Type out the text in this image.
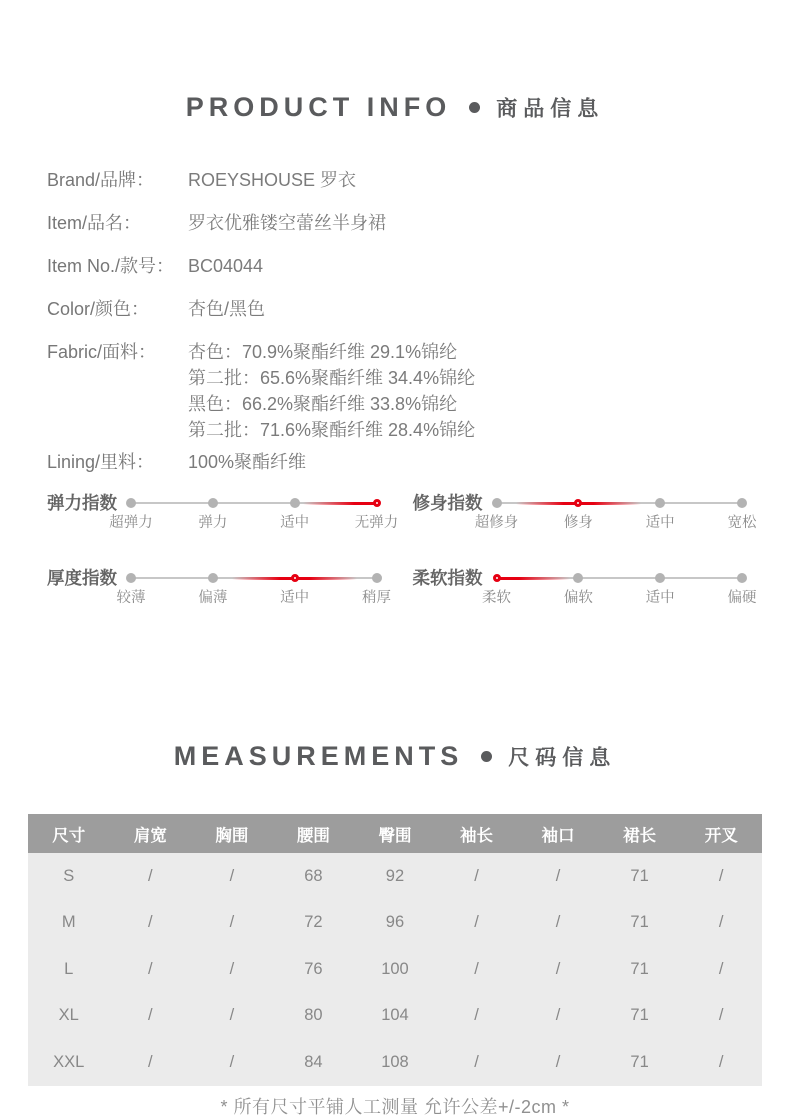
PRODUCT INFO 商品信息
Brand/品牌：	ROEYSHOUSE 罗衣
Item/品名：	罗衣优雅镂空蕾丝半身裙
Item No./款号： BC04044
Color/颜色：	杏色/黑色
Fabric/面料：	杏色：70.9%聚酯纤维 29.1%锦纶
第二批：65.6%聚酯纤维 34.4%锦纶
黑色：66.2%聚酯纤维 33.8%锦纶
第二批：71.6%聚酯纤维 28.4%锦纶
Lining/里料：	100%聚酯纤维
弹力指数
超弹力	弹力	适中	无弹力
修身指数
超修身	修身	适中	宽松
厚度指数
较薄	偏薄	适中	稍厚
柔软指数
柔软	偏软	适中	偏硬
MEASUREMENTS 尺码信息
尺寸	肩宽	胸围	腰围	臀围	袖长	袖口	裙长	开叉
S	/	/	68	92	/	/	71	/
M	/	/	72	96	/	/	71	/
L	/	/	76	100	/	/	71	/
XL	/	/	80	104	/	/	71	/
XXL	/	/	84	108	/	/	71	/
* 所有尺寸平铺人工测量 允许公差+/-2cm *
